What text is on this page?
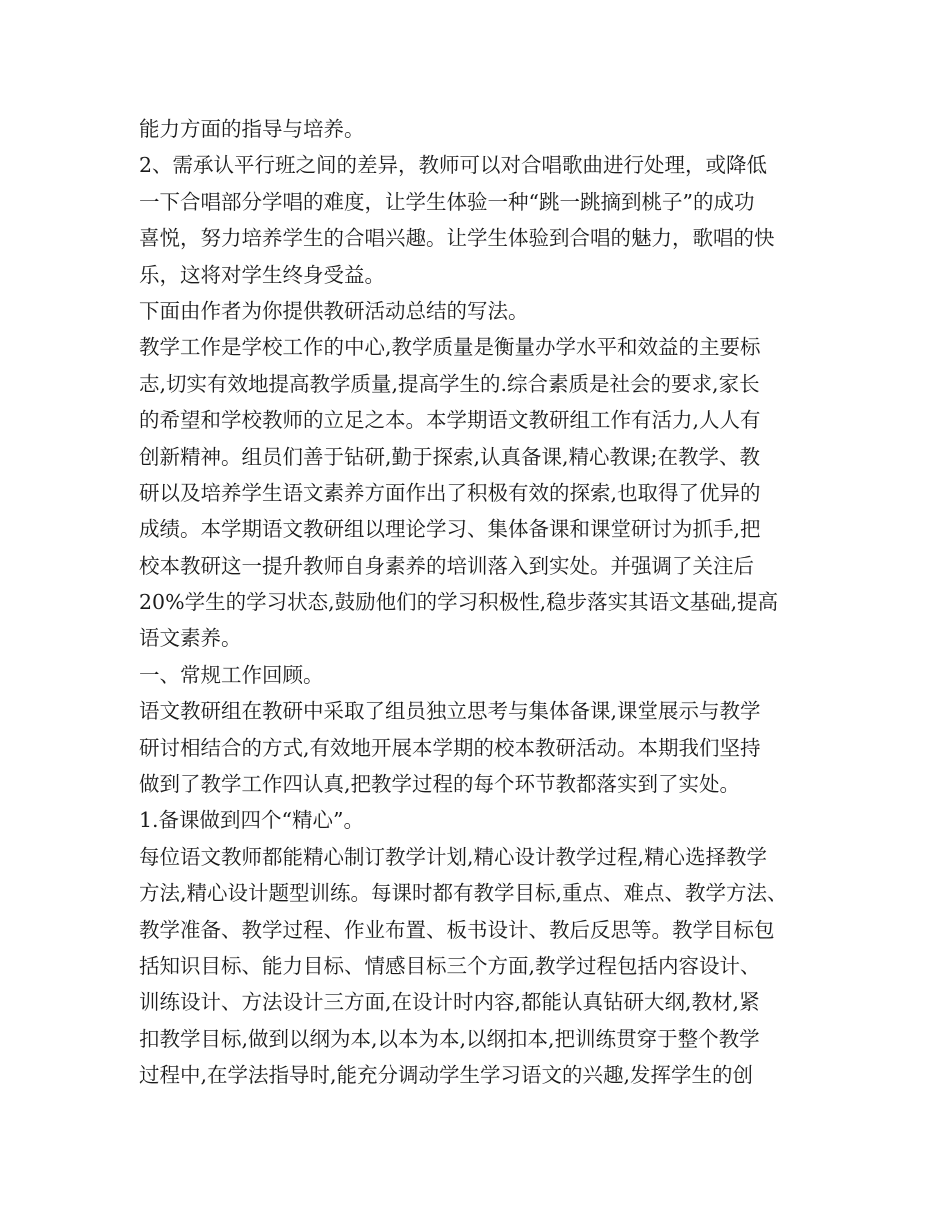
能力方面的指导与培养。
2、需承认平行班之间的差异，教师可以对合唱歌曲进行处理，或降低
一下合唱部分学唱的难度，让学生体验一种“跳一跳摘到桃子”的成功
喜悦，努力培养学生的合唱兴趣。让学生体验到合唱的魅力，歌唱的快
乐，这将对学生终身受益。
下面由作者为你提供教研活动总结的写法。
教学工作是学校工作的中心,教学质量是衡量办学水平和效益的主要标
志,切实有效地提高教学质量,提高学生的.综合素质是社会的要求,家长
的希望和学校教师的立足之本。本学期语文教研组工作有活力,人人有
创新精神。组员们善于钻研,勤于探索,认真备课,精心教课;在教学、教
研以及培养学生语文素养方面作出了积极有效的探索,也取得了优异的
成绩。本学期语文教研组以理论学习、集体备课和课堂研讨为抓手,把
校本教研这一提升教师自身素养的培训落入到实处。并强调了关注后
20%学生的学习状态,鼓励他们的学习积极性,稳步落实其语文基础,提高
语文素养。
一、常规工作回顾。
语文教研组在教研中采取了组员独立思考与集体备课,课堂展示与教学
研讨相结合的方式,有效地开展本学期的校本教研活动。本期我们坚持
做到了教学工作四认真,把教学过程的每个环节教都落实到了实处。
1.备课做到四个“精心”。
每位语文教师都能精心制订教学计划,精心设计教学过程,精心选择教学
方法,精心设计题型训练。每课时都有教学目标,重点、难点、教学方法、
教学准备、教学过程、作业布置、板书设计、教后反思等。教学目标包
括知识目标、能力目标、情感目标三个方面,教学过程包括内容设计、
训练设计、方法设计三方面,在设计时内容,都能认真钻研大纲,教材,紧
扣教学目标,做到以纲为本,以本为本,以纲扣本,把训练贯穿于整个教学
过程中,在学法指导时,能充分调动学生学习语文的兴趣,发挥学生的创
